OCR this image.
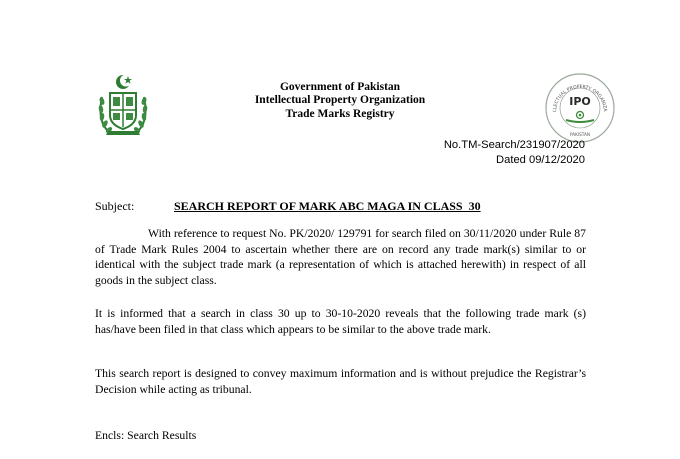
Government of Pakistan
Intellectual Property Organization
Trade Marks Registry	LLECTUAL PROPERTY ORGANIZA
IPO
PAKISTAN
No.TM-Search/231907/2020
Dated 09/12/2020
Subject:	SEARCH REPORT OF MARK ABC MAGA IN CLASS  30
With reference to request No. PK/2020/ 129791 for search filed on 30/11/2020 under Rule 87 of Trade Mark Rules 2004 to ascertain whether there are on record any trade mark(s) similar to or identical with the subject trade mark (a representation of which is attached herewith) in respect of all goods in the subject class.
It is informed that a search in class 30 up to 30-10-2020 reveals that the following trade mark (s) has/have been filed in that class which appears to be similar to the above trade mark.
This search report is designed to convey maximum information and is without prejudice the Registrar’s Decision while acting as tribunal.
Encls: Search Results
